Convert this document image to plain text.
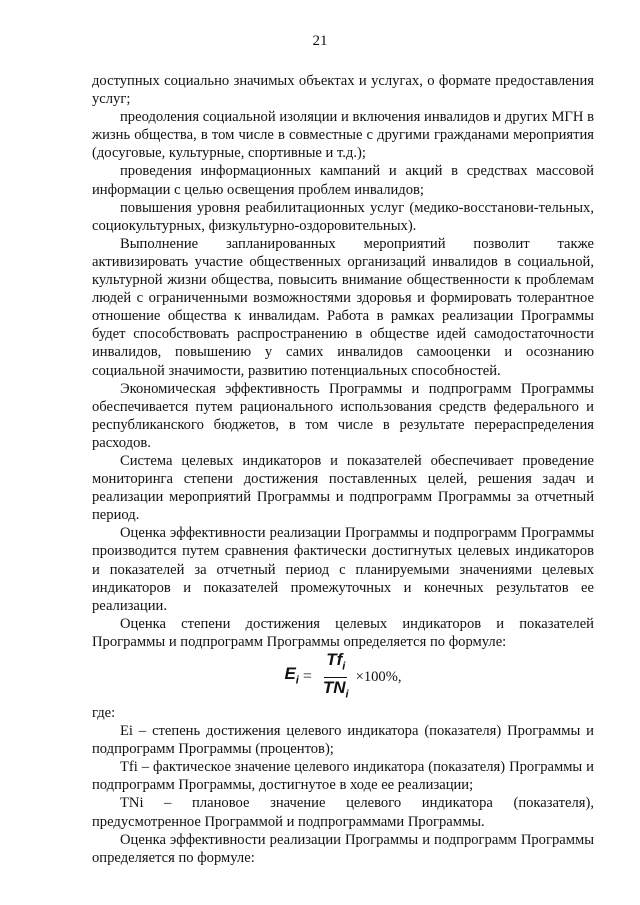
21

доступных социально значимых объектах и услугах, о формате предоставления услуг;

преодоления социальной изоляции и включения инвалидов и других МГН в жизнь общества, в том числе в совместные с другими гражданами мероприятия (досуговые, культурные, спортивные и т.д.);

проведения информационных кампаний и акций в средствах массовой информации с целью освещения проблем инвалидов;

повышения уровня реабилитационных услуг (медико-восстанови-тельных, социокультурных, физкультурно-оздоровительных).

Выполнение запланированных мероприятий позволит также активизировать участие общественных организаций инвалидов в социальной, культурной жизни общества, повысить внимание общественности к проблемам людей с ограниченными возможностями здоровья и формировать толерантное отношение общества к инвалидам. Работа в рамках реализации Программы будет способствовать распространению в обществе идей самодостаточности инвалидов, повышению у самих инвалидов самооценки и осознанию социальной значимости, развитию потенциальных способностей.

Экономическая эффективность Программы и подпрограмм Программы обеспечивается путем рационального использования средств федерального и республиканского бюджетов, в том числе в результате перераспределения расходов.

Система целевых индикаторов и показателей обеспечивает проведение мониторинга степени достижения поставленных целей, решения задач и реализации мероприятий Программы и подпрограмм Программы за отчетный период.

Оценка эффективности реализации Программы и подпрограмм Программы производится путем сравнения фактически достигнутых целевых индикаторов и показателей за отчетный период с планируемыми значениями целевых индикаторов и показателей промежуточных и конечных результатов ее реализации.

Оценка степени достижения целевых индикаторов и показателей Программы и подпрограмм Программы определяется по формуле:

$E_i = \frac{Tf_i}{TN_i} \times 100\%$,

где:

Ei – степень достижения целевого индикатора (показателя) Программы и подпрограмм Программы (процентов);

Tfi – фактическое значение целевого индикатора (показателя) Программы и подпрограмм Программы, достигнутое в ходе ее реализации;

TNi – плановое значение целевого индикатора (показателя), предусмотренное Программой и подпрограммами Программы.

Оценка эффективности реализации Программы и подпрограмм Программы определяется по формуле:
